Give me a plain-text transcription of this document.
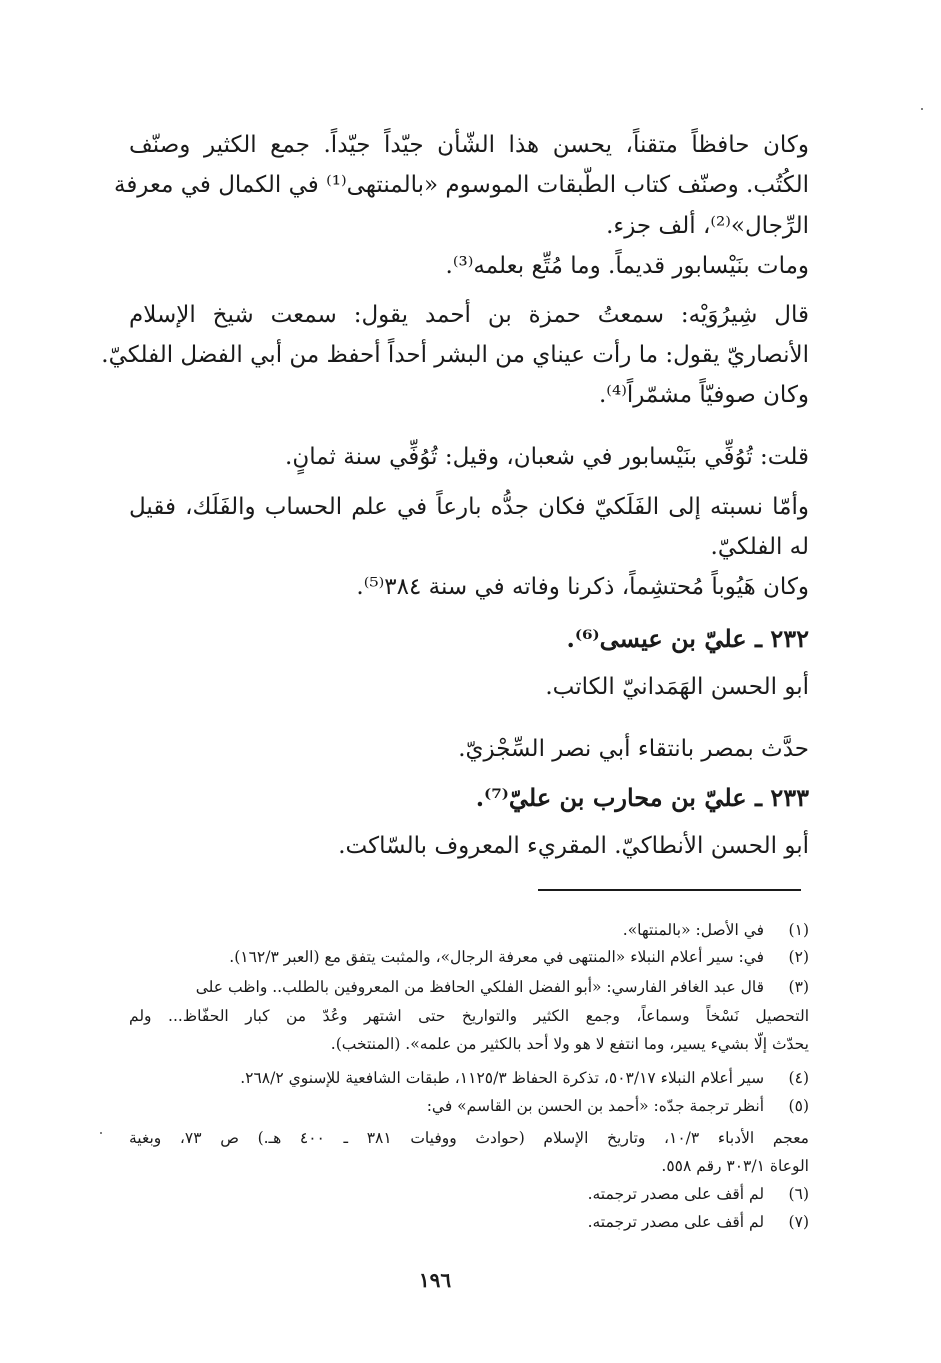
وكان حافظاً متقناً، يحسن هذا الشّأن جيّداً جيّداً. جمع الكثير وصنّف
الكُتُب. وصنّف كتاب الطّبقات الموسوم «بالمنتهى⁽¹⁾ في الكمال في معرفة
الرِّجال»⁽²⁾، ألف جزء.
ومات بنَيْسابور قديماً. وما مُتِّع بعلمه⁽³⁾.
قال شِيرُوَيْه: سمعتُ حمزة بن أحمد يقول: سمعت شيخ الإسلام
الأنصاريّ يقول: ما رأت عيناي من البشر أحداً أحفظ من أبي الفضل الفلكيّ.
وكان صوفيّاً مشمّراً⁽⁴⁾.
قلت: تُوُفِّي بنَيْسابور في شعبان، وقيل: تُوُفِّي سنة ثمانٍ.
وأمّا نسبته إلى الفَلَكيّ فكان جدُّه بارعاً في علم الحساب والفَلَك، فقيل
له الفلكيّ.
وكان هَيُوباً مُحتشِماً، ذكرنا وفاته في سنة ٣٨٤⁽⁵⁾.
٢٣٢ ـ عليّ بن عيسى⁽⁶⁾.
أبو الحسن الهَمَدانيّ الكاتب.
حدَّث بمصر بانتقاء أبي نصر السِّجْزيّ.
٢٣٣ ـ عليّ بن محارب بن عليّ⁽⁷⁾.
أبو الحسن الأنطاكيّ. المقريء المعروف بالسّاكت.
(١) في الأصل: «بالمنتها».
(٢) في: سير أعلام النبلاء «المنتهى في معرفة الرجال»، والمثبت يتفق مع (العبر ١٦٢/٣).
(٣) قال عبد الغافر الفارسي: «أبو الفضل الفلكي الحافظ من المعروفين بالطلب.. واظب على
التحصيل نَسْخاً وسماعاً، وجمع الكثير والتواريخ حتى اشتهر وعُدّ من كبار الحفّاظ... ولم
يحدّث إلّا بشيء يسير، وما انتفع لا هو ولا أحد بالكثير من علمه». (المنتخب).
(٤) سير أعلام النبلاء ٥٠٣/١٧، تذكرة الحفاظ ١١٢٥/٣، طبقات الشافعية للإسنوي ٢٦٨/٢.
(٥) أنظر ترجمة جدّه: «أحمد بن الحسن بن القاسم» في:
معجم الأدباء ١٠/٣، وتاريخ الإسلام (حوادث ووفيات ٣٨١ ـ ٤٠٠ هـ.) ص ٧٣، وبغية
الوعاة ٣٠٣/١ رقم ٥٥٨.
(٦) لم أقف على مصدر ترجمته.
(٧) لم أقف على مصدر ترجمته.
١٩٦
